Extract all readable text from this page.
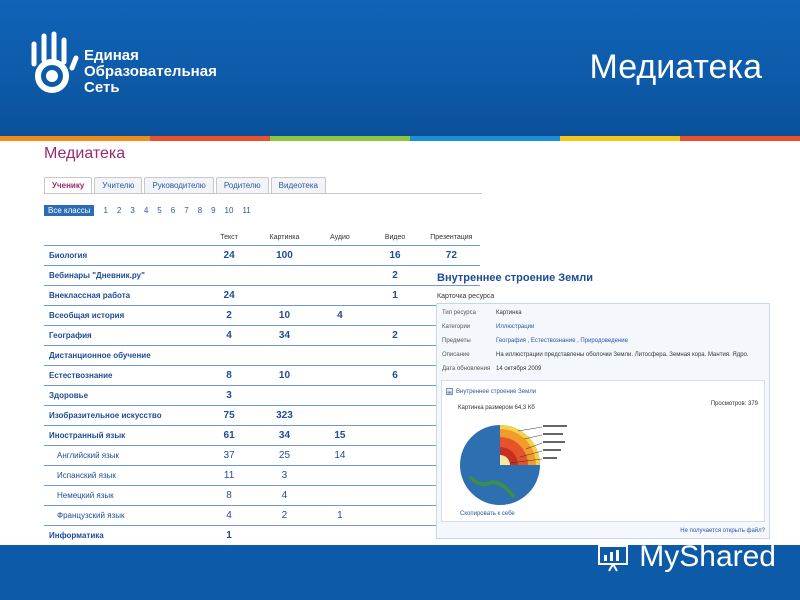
Единая
Образовательная
Сеть
Медиатека
Медиатека
Ученику	Учителю	Руководителю	Родителю	Видеотека
Все классы	1 2 3 4 5 6 7 8 9 10 11
	Текст	Картинка	Аудио	Видео	Презентация
Биология	24	100		16	72
Вебинары "Дневник.ру"				2	
Внеклассная работа	24			1	
Всеобщая история	2	10	4		
География	4	34		2	
Дистанционное обучение					
Естествознание	8	10		6	
Здоровье	3				
Изобразительное искусство	75	323			
Иностранный язык	61	34	15		
Английский язык	37	25	14		
Испанский язык	11	3			
Немецкий язык	8	4			
Французский язык	4	2	1		
Информатика	1				

Внутреннее строение Земли
Карточка ресурса
Тип ресурса	Картинка
Категории	Иллюстрации
Предметы	География , Естествознание , Природоведение
Описание	На иллюстрации представлены оболочки Земли. Литосфера. Земная кора. Мантия. Ядро.
Дата обновления 14 октября 2009
Внутреннее строение Земли
Картинка размером 64,3 Кб
Просмотров: 379
Скопировать к себе
Не получается открыть файл?
MyShared
